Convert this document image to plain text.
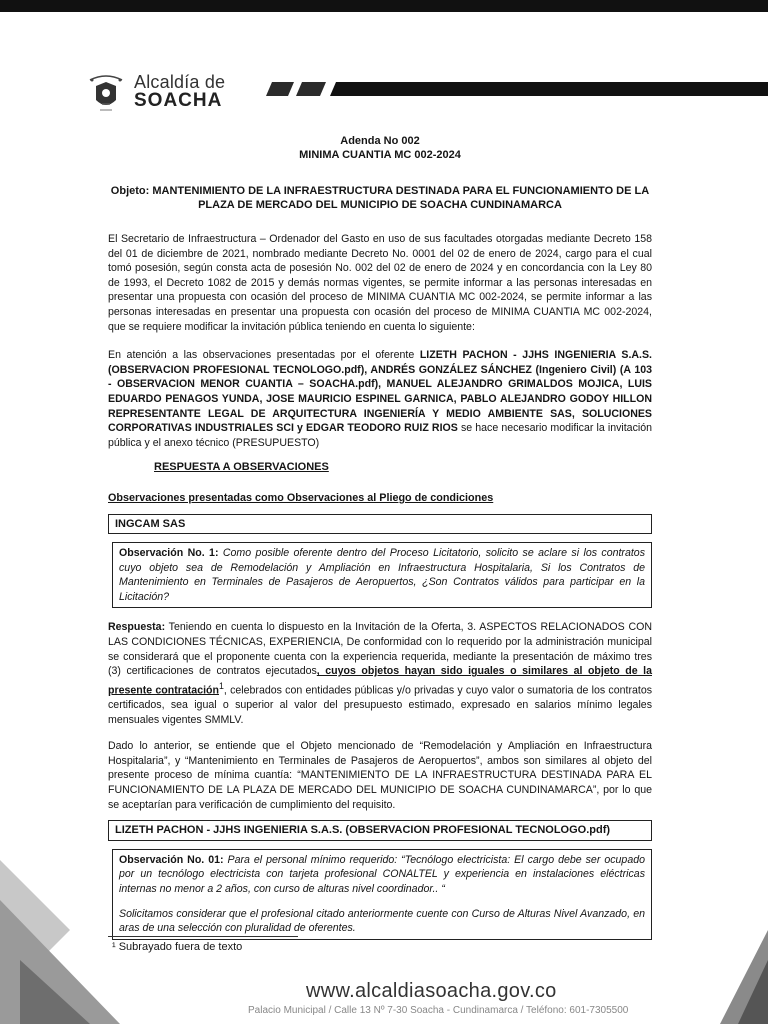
Alcaldía de
SOACHA
Adenda No 002
MINIMA CUANTIA MC 002-2024
Objeto: MANTENIMIENTO DE LA INFRAESTRUCTURA DESTINADA PARA EL FUNCIONAMIENTO DE LA PLAZA DE MERCADO DEL MUNICIPIO DE SOACHA CUNDINAMARCA

El Secretario de Infraestructura – Ordenador del Gasto en uso de sus facultades otorgadas mediante Decreto 158 del 01 de diciembre de 2021, nombrado mediante Decreto No. 0001 del 02 de enero de 2024, cargo para el cual tomó posesión, según consta acta de posesión No. 002 del 02 de enero de 2024 y en concordancia con la Ley 80 de 1993, el Decreto 1082 de 2015 y demás normas vigentes, se permite informar a las personas interesadas en presentar una propuesta con ocasión del proceso de MINIMA CUANTIA MC 002-2024, se permite informar a las personas interesadas en presentar una propuesta con ocasión del proceso de MINIMA CUANTIA MC 002-2024, que se requiere modificar la invitación pública teniendo en cuenta lo siguiente:

En atención a las observaciones presentadas por el oferente LIZETH PACHON - JJHS INGENIERIA S.A.S. (OBSERVACION PROFESIONAL TECNOLOGO.pdf), ANDRÉS GONZÁLEZ SÁNCHEZ (Ingeniero Civil) (A 103 - OBSERVACION MENOR CUANTIA – SOACHA.pdf), MANUEL ALEJANDRO GRIMALDOS MOJICA, LUIS EDUARDO PENAGOS YUNDA, JOSE MAURICIO ESPINEL GARNICA, PABLO ALEJANDRO GODOY HILLON REPRESENTANTE LEGAL DE ARQUITECTURA INGENIERÍA Y MEDIO AMBIENTE SAS, SOLUCIONES CORPORATIVAS INDUSTRIALES SCI y EDGAR TEODORO RUIZ RIOS se hace necesario modificar la invitación pública y el anexo técnico (PRESUPUESTO)

RESPUESTA A OBSERVACIONES
Observaciones presentadas como Observaciones al Pliego de condiciones
INGCAM SAS
Observación No. 1: Como posible oferente dentro del Proceso Licitatorio, solicito se aclare si los contratos cuyo objeto sea de Remodelación y Ampliación en Infraestructura Hospitalaria, Si los Contratos de Mantenimiento en Terminales de Pasajeros de Aeropuertos, ¿Son Contratos válidos para participar en la Licitación?

Respuesta: Teniendo en cuenta lo dispuesto en la Invitación de la Oferta, 3. ASPECTOS RELACIONADOS CON LAS CONDICIONES TÉCNICAS, EXPERIENCIA, De conformidad con lo requerido por la administración municipal se considerará que el proponente cuenta con la experiencia requerida, mediante la presentación de máximo tres (3) certificaciones de contratos ejecutados, cuyos objetos hayan sido iguales o similares al objeto de la presente contratación$^1$, celebrados con entidades públicas y/o privadas y cuyo valor o sumatoria de los contratos certificados, sea igual o superior al valor del presupuesto estimado, expresado en salarios mínimo legales mensuales vigentes SMMLV.

Dado lo anterior, se entiende que el Objeto mencionado de “Remodelación y Ampliación en Infraestructura Hospitalaria”, y “Mantenimiento en Terminales de Pasajeros de Aeropuertos”, ambos son similares al objeto del presente proceso de mínima cuantía: “MANTENIMIENTO DE LA INFRAESTRUCTURA DESTINADA PARA EL FUNCIONAMIENTO DE LA PLAZA DE MERCADO DEL MUNICIPIO DE SOACHA CUNDINAMARCA”, por lo que se aceptarían para verificación de cumplimiento del requisito.

LIZETH PACHON - JJHS INGENIERIA S.A.S. (OBSERVACION PROFESIONAL TECNOLOGO.pdf)
Observación No. 01: Para el personal mínimo requerido: “Tecnólogo electricista: El cargo debe ser ocupado por un tecnólogo electricista con tarjeta profesional CONALTEL y experiencia en instalaciones eléctricas internas no menor a 2 años, con curso de alturas nivel coordinador.. “
Solicitamos considerar que el profesional citado anteriormente cuente con Curso de Alturas Nivel Avanzado, en aras de una selección con pluralidad de oferentes.
¹ Subrayado fuera de texto
www.alcaldiasoacha.gov.co
Palacio Municipal / Calle 13 Nº 7-30 Soacha - Cundinamarca / Teléfono: 601-7305500
